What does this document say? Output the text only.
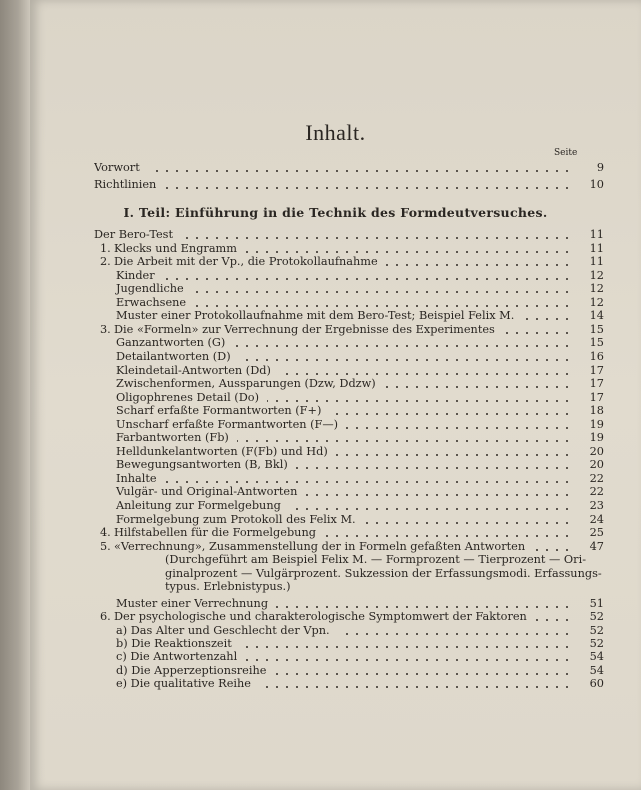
Inhalt.
Seite
I. Teil: Einführung in die Technik des Formdeutversuches.
Vorwort	9
Richtlinien	10
Der Bero-Test	11
1. Klecks und Engramm	11
2. Die Arbeit mit der Vp., die Protokollaufnahme	11
Kinder	12
Jugendliche	12
Erwachsene	12
Muster einer Protokollaufnahme mit dem Bero-Test; Beispiel Felix M.	14
3. Die «Formeln» zur Verrechnung der Ergebnisse des Experimentes	15
Ganzantworten (G)	15
Detailantworten (D)	16
Kleindetail-Antworten (Dd)	17
Zwischenformen, Aussparungen (Dzw, Ddzw)	17
Oligophrenes Detail (Do)	17
Scharf erfaßte Formantworten (F+)	18
Unscharf erfaßte Formantworten (F—)	19
Farbantworten (Fb)	19
Helldunkelantworten (F(Fb) und Hd)	20
Bewegungsantworten (B, Bkl)	20
Inhalte	22
Vulgär- und Original-Antworten	22
Anleitung zur Formelgebung	23
Formelgebung zum Protokoll des Felix M.	24
4. Hilfstabellen für die Formelgebung	25
5. «Verrechnung», Zusammenstellung der in Formeln gefaßten Antworten	47
(Durchgeführt am Beispiel Felix M. — Formprozent — Tierprozent — Ori-
ginalprozent — Vulgärprozent. Sukzession der Erfassungsmodi. Erfassungs-
typus. Erlebnistypus.)
Muster einer Verrechnung	51
6. Der psychologische und charakterologische Symptomwert der Faktoren	52
a) Das Alter und Geschlecht der Vpn.	52
b) Die Reaktionszeit	52
c) Die Antwortenzahl	54
d) Die Apperzeptionsreihe	54
e) Die qualitative Reihe	60
